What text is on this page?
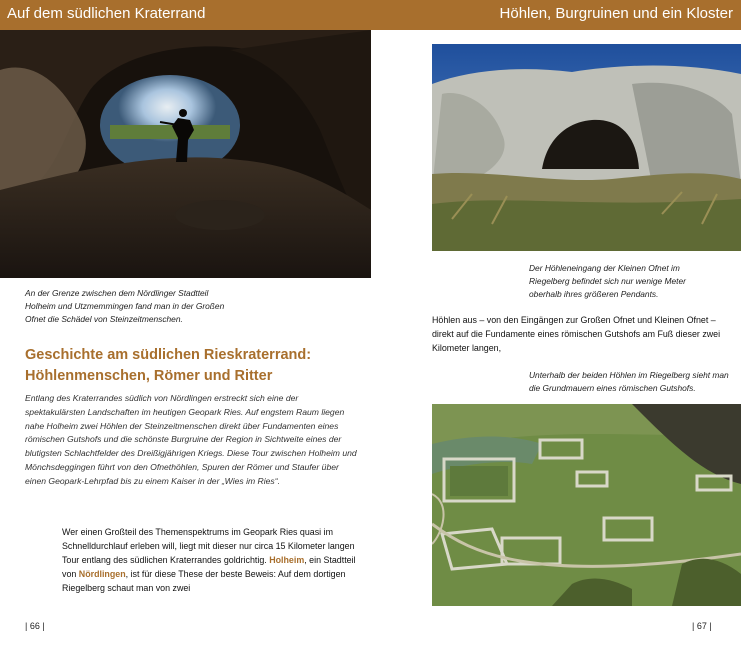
Auf dem südlichen Kraterrand	Höhlen, Burgruinen und ein Kloster
An der Grenze zwischen dem Nördlinger Stadtteil Holheim und Utzmemmingen fand man in der Großen Ofnet die Schädel von Steinzeitmenschen.
Geschichte am südlichen Rieskraterrand:
Höhlenmenschen, Römer und Ritter
Entlang des Kraterrandes südlich von Nördlingen erstreckt sich eine der spektakulärsten Landschaften im heutigen Geopark Ries. Auf engstem Raum liegen nahe Holheim zwei Höhlen der Steinzeitmenschen direkt über Fundamenten eines römischen Gutshofs und die schönste Burgruine der Region in Sichtweite eines der blutigsten Schlachtfelder des Dreißigjährigen Kriegs. Diese Tour zwischen Holheim und Mönchsdeggingen führt von den Ofnethöhlen, Spuren der Römer und Staufer über einen Geopark-Lehrpfad bis zu einem Kaiser in der „Wies im Ries“.
Wer einen Großteil des Themenspektrums im Geopark Ries quasi im Schnelldurchlauf erleben will, liegt mit dieser nur circa 15 Kilometer langen Tour entlang des südlichen Kraterrandes goldrichtig. Holheim, ein Stadtteil von Nördlingen, ist für diese These der beste Beweis: Auf dem dortigen Riegelberg schaut man von zwei
| 66 |
Der Höhleneingang der Kleinen Ofnet im Riegelberg befindet sich nur wenige Meter oberhalb ihres größeren Pendants.
Höhlen aus – von den Eingängen zur Großen Ofnet und Kleinen Ofnet – direkt auf die Fundamente eines römischen Gutshofs am Fuß dieser zwei Kilometer langen,
Unterhalb der beiden Höhlen im Riegelberg sieht man die Grundmauern eines römischen Gutshofs.
| 67 |
